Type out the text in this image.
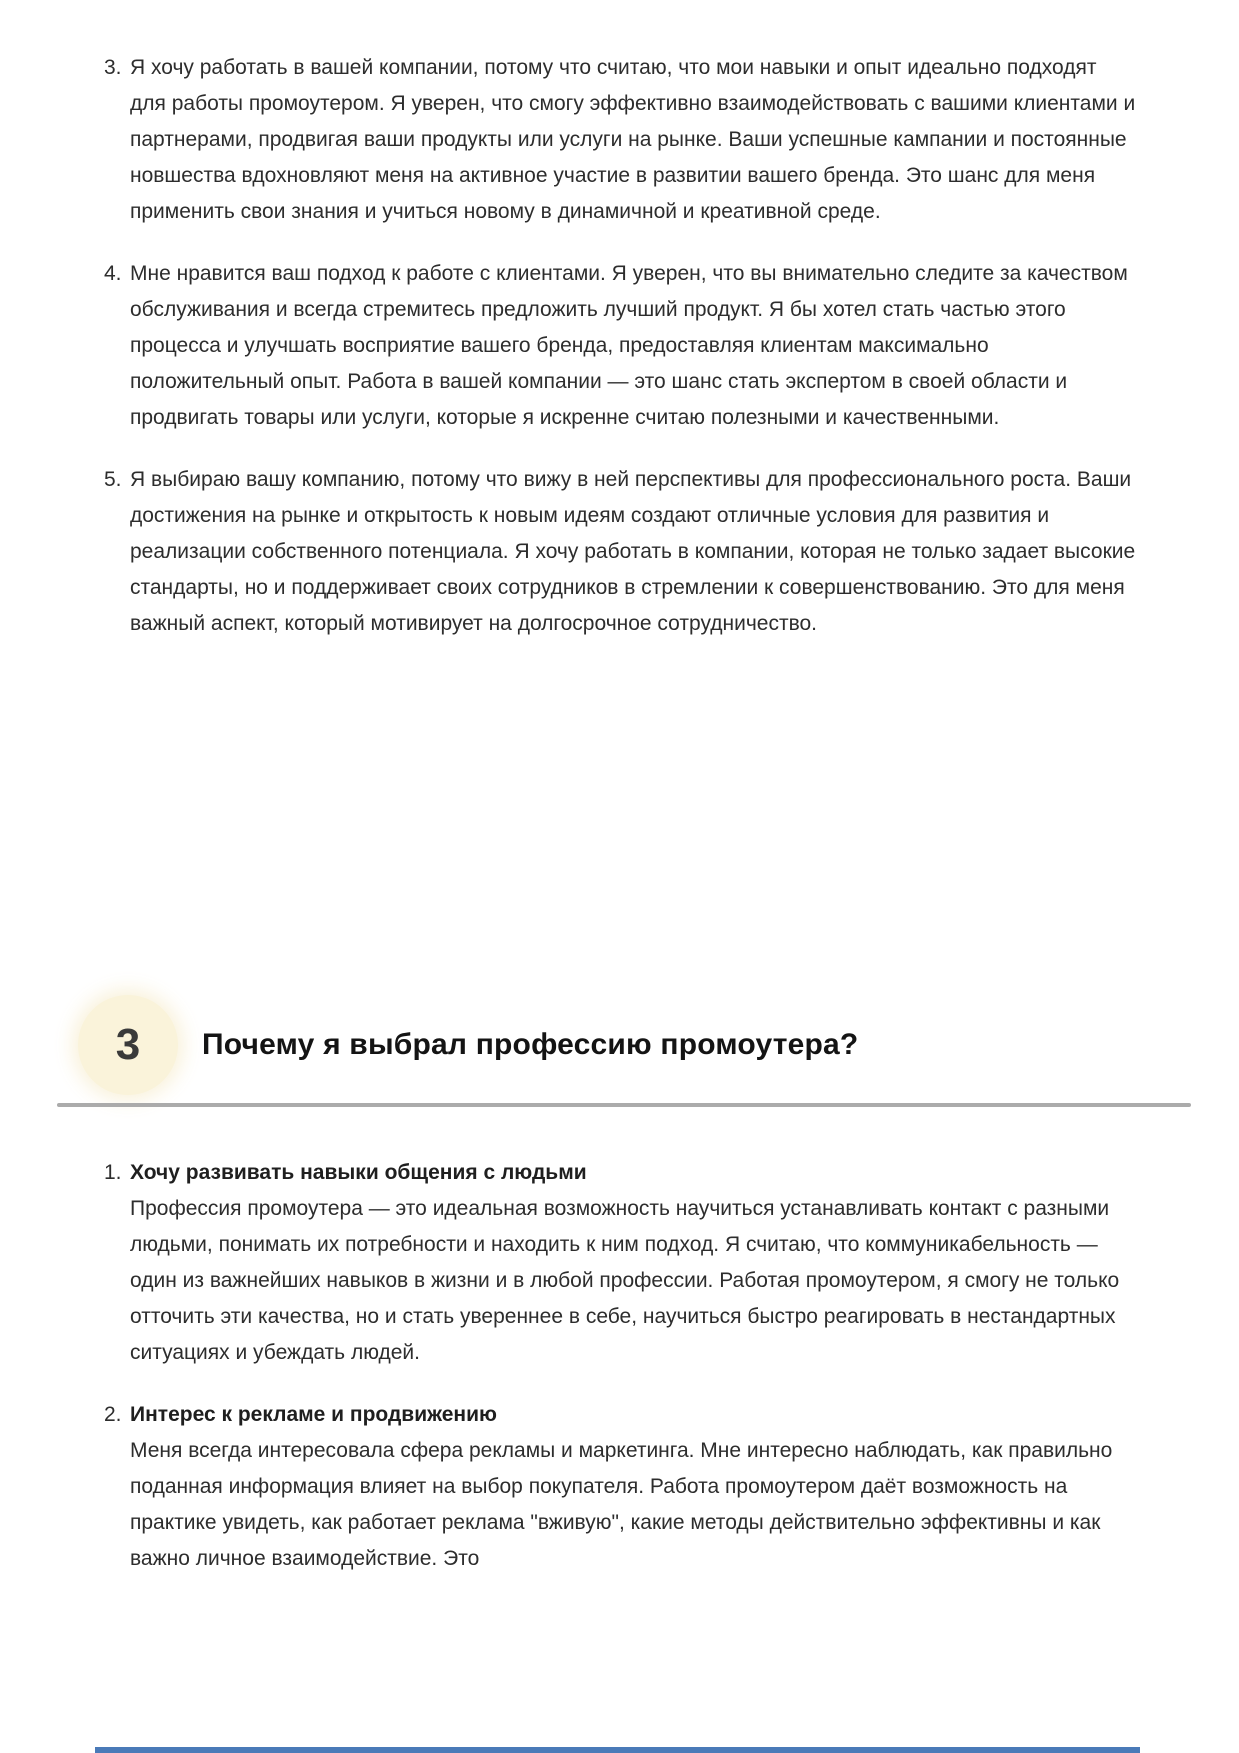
3. Я хочу работать в вашей компании, потому что считаю, что мои навыки и опыт идеально подходят для работы промоутером. Я уверен, что смогу эффективно взаимодействовать с вашими клиентами и партнерами, продвигая ваши продукты или услуги на рынке. Ваши успешные кампании и постоянные новшества вдохновляют меня на активное участие в развитии вашего бренда. Это шанс для меня применить свои знания и учиться новому в динамичной и креативной среде.
4. Мне нравится ваш подход к работе с клиентами. Я уверен, что вы внимательно следите за качеством обслуживания и всегда стремитесь предложить лучший продукт. Я бы хотел стать частью этого процесса и улучшать восприятие вашего бренда, предоставляя клиентам максимально положительный опыт. Работа в вашей компании — это шанс стать экспертом в своей области и продвигать товары или услуги, которые я искренне считаю полезными и качественными.
5. Я выбираю вашу компанию, потому что вижу в ней перспективы для профессионального роста. Ваши достижения на рынке и открытость к новым идеям создают отличные условия для развития и реализации собственного потенциала. Я хочу работать в компании, которая не только задает высокие стандарты, но и поддерживает своих сотрудников в стремлении к совершенствованию. Это для меня важный аспект, который мотивирует на долгосрочное сотрудничество.
3	Почему я выбрал профессию промоутера?
1. Хочу развивать навыки общения с людьми
Профессия промоутера — это идеальная возможность научиться устанавливать контакт с разными людьми, понимать их потребности и находить к ним подход. Я считаю, что коммуникабельность — один из важнейших навыков в жизни и в любой профессии. Работая промоутером, я смогу не только отточить эти качества, но и стать увереннее в себе, научиться быстро реагировать в нестандартных ситуациях и убеждать людей.
2. Интерес к рекламе и продвижению
Меня всегда интересовала сфера рекламы и маркетинга. Мне интересно наблюдать, как правильно поданная информация влияет на выбор покупателя. Работа промоутером даёт возможность на практике увидеть, как работает реклама "вживую", какие методы действительно эффективны и как важно личное взаимодействие. Это
